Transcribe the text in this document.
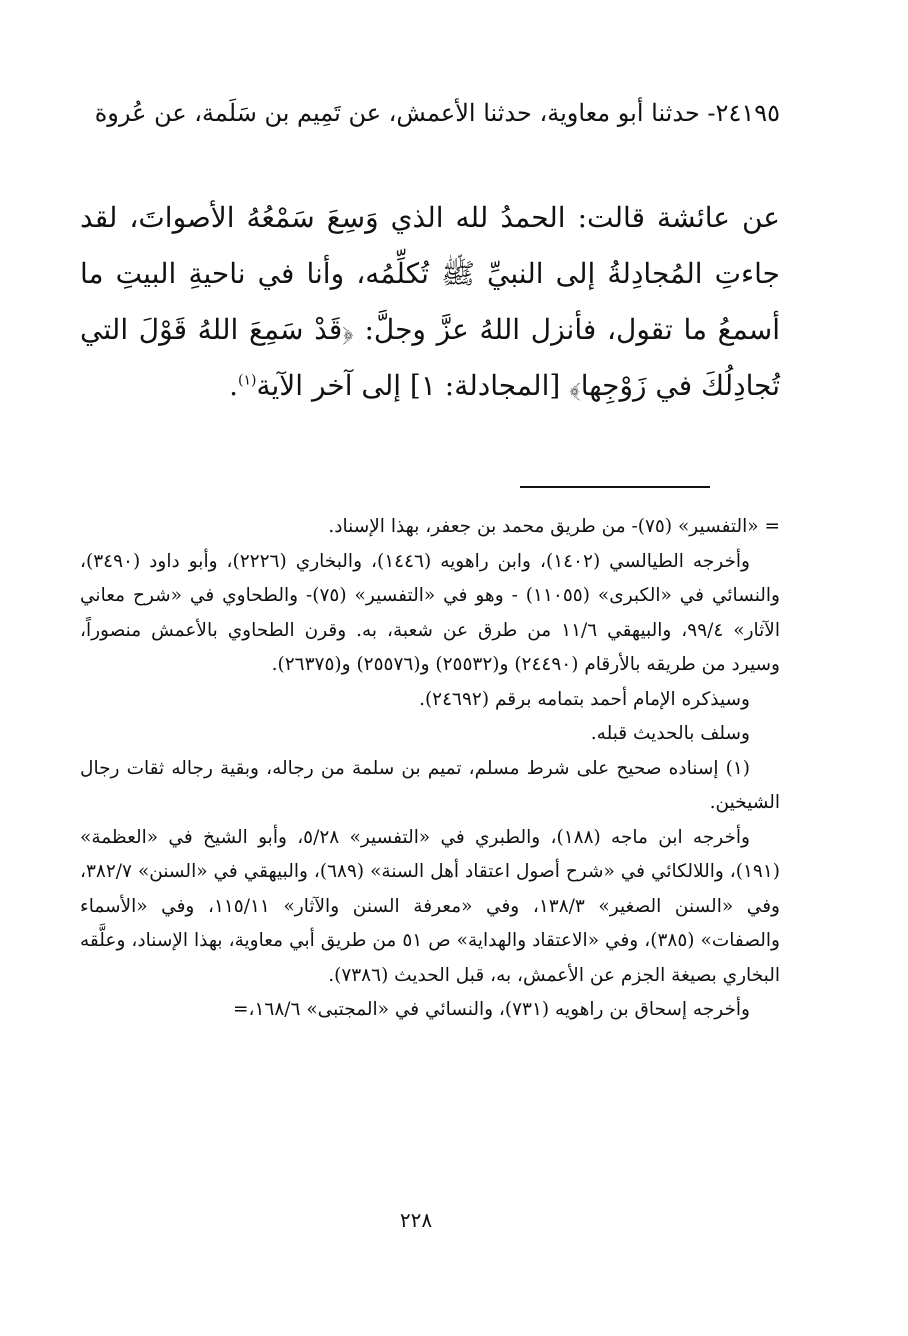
٢٤١٩٥- حدثنا أبو معاوية، حدثنا الأعمش، عن تَمِيم بن سَلَمة، عن عُروة

عن عائشة قالت: الحمدُ لله الذي وَسِعَ سَمْعُهُ الأصواتَ، لقد جاءتِ المُجادِلةُ إلى النبيِّ ﷺ تُكلِّمُه، وأنا في ناحيةِ البيتِ ما أسمعُ ما تقول، فأنزل اللهُ عزَّ وجلَّ: ﴿قَدْ سَمِعَ اللهُ قَوْلَ التي تُجادِلُكَ في زَوْجِها﴾ [المجادلة: ١] إلى آخر الآية$^{(١)}$.

= «التفسير» (٧٥)- من طريق محمد بن جعفر، بهذا الإسناد.

وأخرجه الطيالسي (١٤٠٢)، وابن راهويه (١٤٤٦)، والبخاري (٢٢٢٦)، وأبو داود (٣٤٩٠)، والنسائي في «الكبرى» (١١٠٥٥) - وهو في «التفسير» (٧٥)- والطحاوي في «شرح معاني الآثار» ٩٩/٤، والبيهقي ١١/٦ من طرق عن شعبة، به. وقرن الطحاوي بالأعمش منصوراً، وسيرد من طريقه بالأرقام (٢٤٤٩٠) و(٢٥٥٣٢) و(٢٥٥٧٦) و(٢٦٣٧٥).

وسيذكره الإمام أحمد بتمامه برقم (٢٤٦٩٢).

وسلف بالحديث قبله.

(١) إسناده صحيح على شرط مسلم، تميم بن سلمة من رجاله، وبقية رجاله ثقات رجال الشيخين.

وأخرجه ابن ماجه (١٨٨)، والطبري في «التفسير» ٥/٢٨، وأبو الشيخ في «العظمة» (١٩١)، واللالكائي في «شرح أصول اعتقاد أهل السنة» (٦٨٩)، والبيهقي في «السنن» ٣٨٢/٧، وفي «السنن الصغير» ١٣٨/٣، وفي «معرفة السنن والآثار» ١١٥/١١، وفي «الأسماء والصفات» (٣٨٥)، وفي «الاعتقاد والهداية» ص ٥١ من طريق أبي معاوية، بهذا الإسناد، وعلَّقه البخاري بصيغة الجزم عن الأعمش، به، قبل الحديث (٧٣٨٦).

وأخرجه إسحاق بن راهويه (٧٣١)، والنسائي في «المجتبى» ١٦٨/٦،=

٢٢٨
